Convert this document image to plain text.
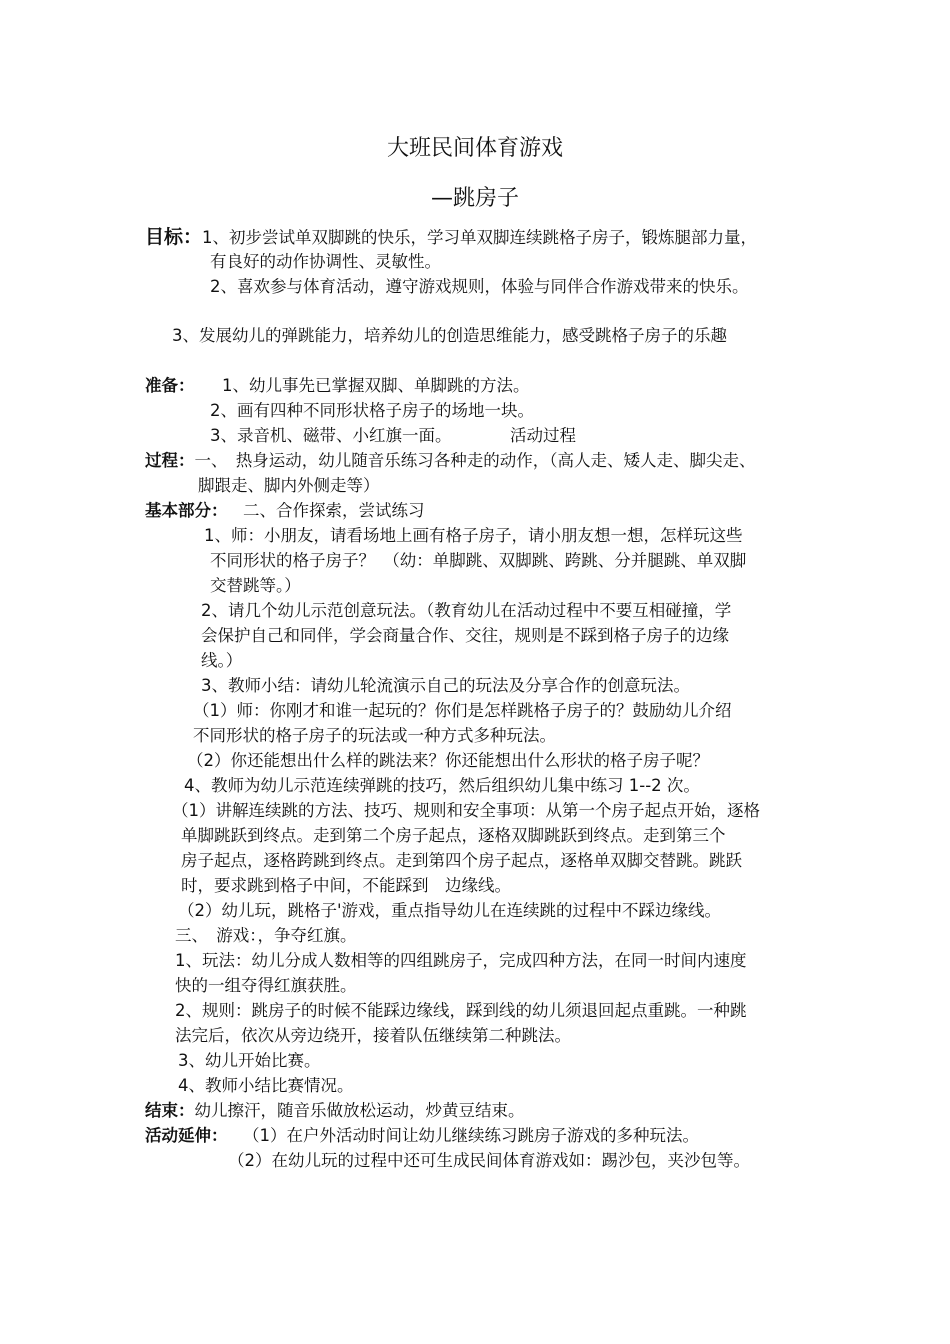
大班民间体育游戏
—跳房子
目标：1、初步尝试单双脚跳的快乐，学习单双脚连续跳格子房子，锻炼腿部力量，
有良好的动作协调性、灵敏性。
2、喜欢参与体育活动，遵守游戏规则，体验与同伴合作游戏带来的快乐。
3、发展幼儿的弹跳能力，培养幼儿的创造思维能力，感受跳格子房子的乐趣
准备： 1、幼儿事先已掌握双脚、单脚跳的方法。
2、画有四种不同形状格子房子的场地一块。
3、录音机、磁带、小红旗一面。	活动过程
过程：一、　热身运动，幼儿随音乐练习各种走的动作，（高人走、矮人走、脚尖走、
脚跟走、脚内外侧走等）
基本部分： 二、合作探索，尝试练习
1、师：小朋友，请看场地上画有格子房子，请小朋友想一想，怎样玩这些
不同形状的格子房子？　（幼：单脚跳、双脚跳、跨跳、分并腿跳、单双脚
交替跳等。）
2、请几个幼儿示范创意玩法。（教育幼儿在活动过程中不要互相碰撞，学
会保护自己和同伴，学会商量合作、交往，规则是不踩到格子房子的边缘
线。）
3、教师小结：请幼儿轮流演示自己的玩法及分享合作的创意玩法。
（1）师：你刚才和谁一起玩的？你们是怎样跳格子房子的？鼓励幼儿介绍
不同形状的格子房子的玩法或一种方式多种玩法。
（2）你还能想出什么样的跳法来？你还能想出什么形状的格子房子呢？
4、教师为幼儿示范连续弹跳的技巧，然后组织幼儿集中练习 1--2 次。
（1）讲解连续跳的方法、技巧、规则和安全事项：从第一个房子起点开始，逐格
单脚跳跃到终点。走到第二个房子起点，逐格双脚跳跃到终点。走到第三个
房子起点，逐格跨跳到终点。走到第四个房子起点，逐格单双脚交替跳。跳跃
时，要求跳到格子中间，不能踩到　边缘线。
（2）幼儿玩，跳格子'游戏，重点指导幼儿在连续跳的过程中不踩边缘线。
三、　游戏：，争夺红旗。
1、玩法：幼儿分成人数相等的四组跳房子，完成四种方法，在同一时间内速度
快的一组夺得红旗获胜。
2、规则：跳房子的时候不能踩边缘线，踩到线的幼儿须退回起点重跳。一种跳
法完后，依次从旁边绕开，接着队伍继续第二种跳法。
3、幼儿开始比赛。
4、教师小结比赛情况。
结束：幼儿擦汗，随音乐做放松运动，炒黄豆结束。
活动延伸： （1）在户外活动时间让幼儿继续练习跳房子游戏的多种玩法。
（2）在幼儿玩的过程中还可生成民间体育游戏如：踢沙包，夹沙包等。
